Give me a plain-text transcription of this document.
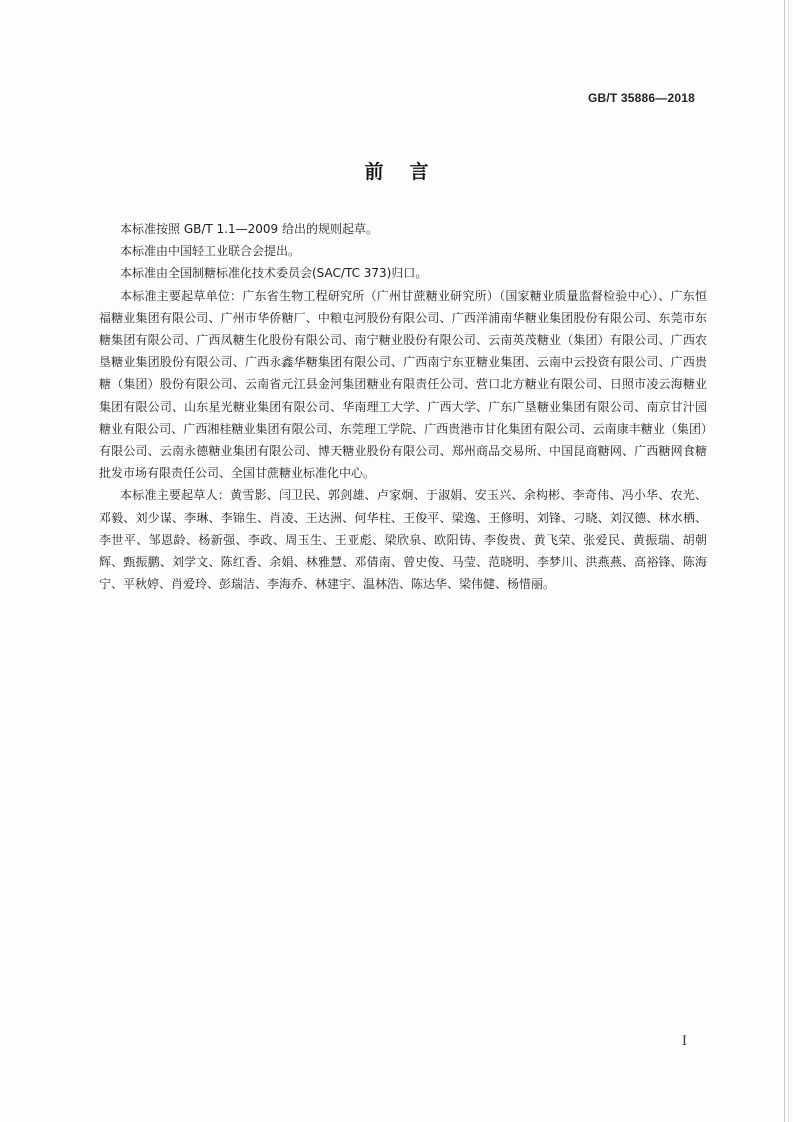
GB/T 35886—2018
前言

本标准按照 GB/T 1.1—2009 给出的规则起草。

本标准由中国轻工业联合会提出。

本标准由全国制糖标准化技术委员会(SAC/TC 373)归口。

本标准主要起草单位：广东省生物工程研究所（广州甘蔗糖业研究所）（国家糖业质量监督检验中心）、广东恒福糖业集团有限公司、广州市华侨糖厂、中粮屯河股份有限公司、广西洋浦南华糖业集团股份有限公司、东莞市东糖集团有限公司、广西凤糖生化股份有限公司、南宁糖业股份有限公司、云南英茂糖业（集团）有限公司、广西农垦糖业集团股份有限公司、广西永鑫华糖集团有限公司、广西南宁东亚糖业集团、云南中云投资有限公司、广西贵糖（集团）股份有限公司、云南省元江县金河集团糖业有限责任公司、营口北方糖业有限公司、日照市凌云海糖业集团有限公司、山东星光糖业集团有限公司、华南理工大学、广西大学、广东广垦糖业集团有限公司、南京甘汁园糖业有限公司、广西湘桂糖业集团有限公司、东莞理工学院、广西贵港市甘化集团有限公司、云南康丰糖业（集团）有限公司、云南永德糖业集团有限公司、博天糖业股份有限公司、郑州商品交易所、中国昆商糖网、广西糖网食糖批发市场有限责任公司、全国甘蔗糖业标准化中心。

本标准主要起草人：黄雪影、闫卫民、郭剑雄、卢家炯、于淑娟、安玉兴、余构彬、李奇伟、冯小华、农光、邓毅、刘少谋、李琳、李锦生、肖凌、王达洲、何华柱、王俊平、梁逸、王修明、刘锋、刁晓、刘汉德、林水栖、李世平、邹恩龄、杨新强、李政、周玉生、王亚彪、梁欣泉、欧阳铸、李俊贵、黄飞荣、张爱民、黄振瑞、胡朝辉、甄振鹏、刘学文、陈红香、余娟、林雅慧、邓倩南、曾史俊、马莹、范晓明、李梦川、洪燕燕、高裕锋、陈海宁、平秋婷、肖爱玲、彭瑞洁、李海乔、林建宇、温林浩、陈达华、梁伟健、杨惜丽。

I
